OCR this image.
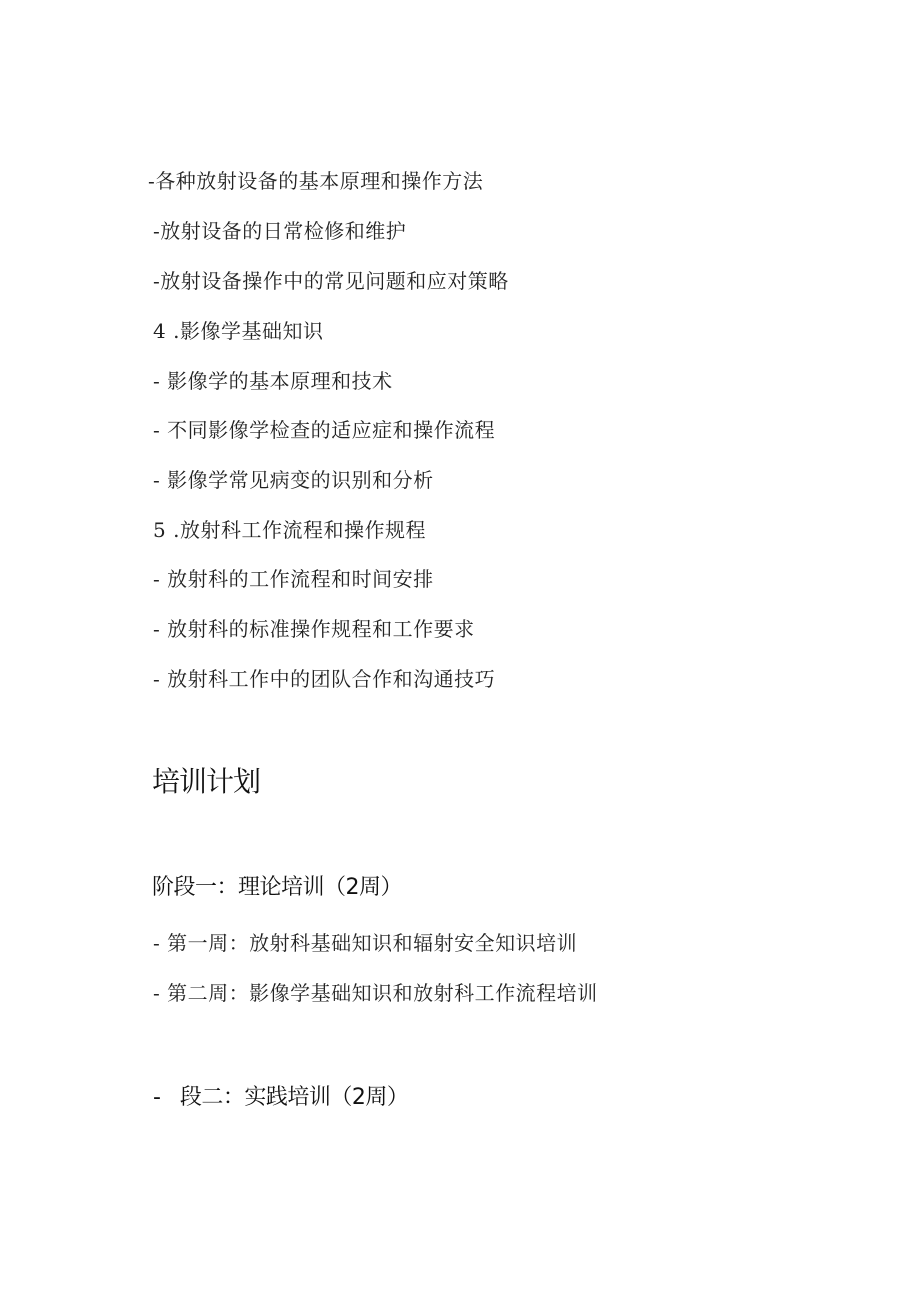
-各种放射设备的基本原理和操作方法
-放射设备的日常检修和维护
-放射设备操作中的常见问题和应对策略
4 .影像学基础知识
- 影像学的基本原理和技术
- 不同影像学检查的适应症和操作流程
- 影像学常见病变的识别和分析
5 .放射科工作流程和操作规程
- 放射科的工作流程和时间安排
- 放射科的标准操作规程和工作要求
- 放射科工作中的团队合作和沟通技巧
培训计划
阶段一：理论培训（2周）
- 第一周：放射科基础知识和辐射安全知识培训
- 第二周：影像学基础知识和放射科工作流程培训
-   段二：实践培训（2周）
